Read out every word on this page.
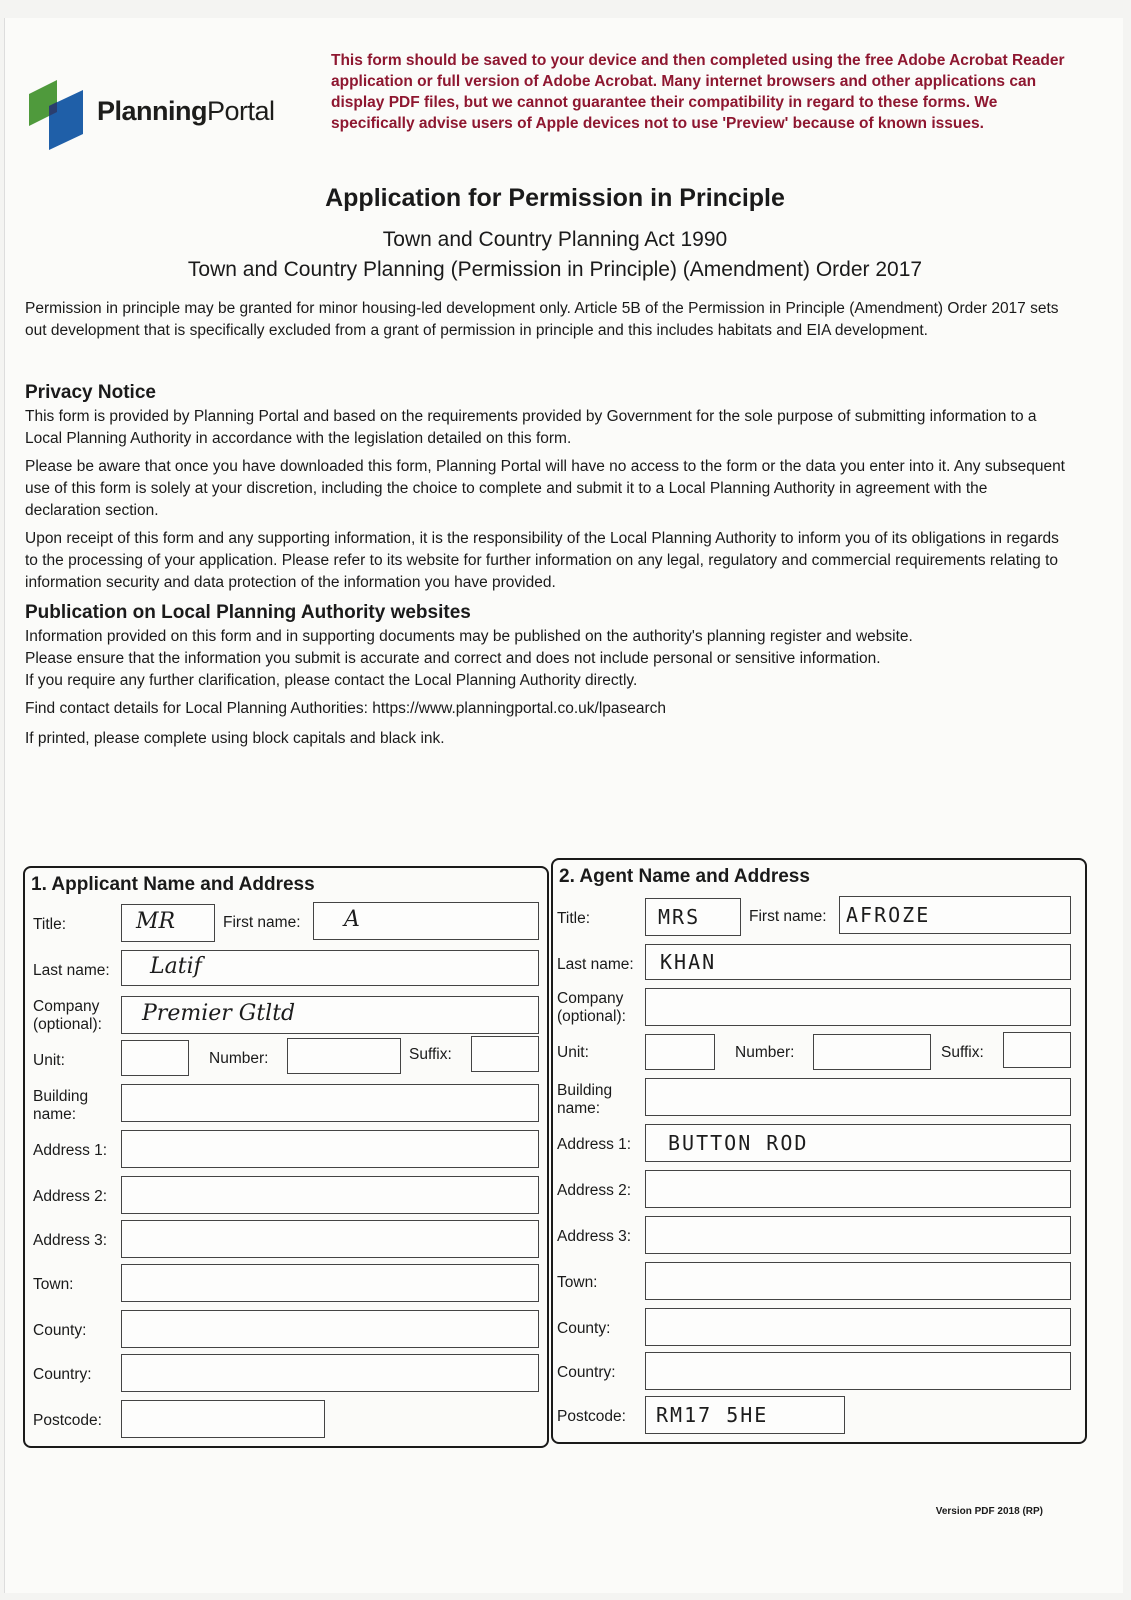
PlanningPortal
This form should be saved to your device and then completed using the free Adobe Acrobat Reader application or full version of Adobe Acrobat. Many internet browsers and other applications can display PDF files, but we cannot guarantee their compatibility in regard to these forms. We specifically advise users of Apple devices not to use 'Preview' because of known issues.
Application for Permission in Principle
Town and Country Planning Act 1990
Town and Country Planning (Permission in Principle) (Amendment) Order 2017
Permission in principle may be granted for minor housing-led development only. Article 5B of the Permission in Principle (Amendment) Order 2017 sets out development that is specifically excluded from a grant of permission in principle and this includes habitats and EIA development.
Privacy Notice
This form is provided by Planning Portal and based on the requirements provided by Government for the sole purpose of submitting information to a Local Planning Authority in accordance with the legislation detailed on this form.
Please be aware that once you have downloaded this form, Planning Portal will have no access to the form or the data you enter into it. Any subsequent use of this form is solely at your discretion, including the choice to complete and submit it to a Local Planning Authority in agreement with the declaration section.
Upon receipt of this form and any supporting information, it is the responsibility of the Local Planning Authority to inform you of its obligations in regards to the processing of your application. Please refer to its website for further information on any legal, regulatory and commercial requirements relating to information security and data protection of the information you have provided.
Publication on Local Planning Authority websites
Information provided on this form and in supporting documents may be published on the authority's planning register and website.
Please ensure that the information you submit is accurate and correct and does not include personal or sensitive information.
If you require any further clarification, please contact the Local Planning Authority directly.
Find contact details for Local Planning Authorities: https://www.planningportal.co.uk/lpasearch
If printed, please complete using block capitals and black ink.
1. Applicant Name and Address
Title:	MR	First name: A
Last name: Latif
Company
(optional): Premier Gtltd
Unit:	Number:	Suffix:
Building
name:
Address 1:
Address 2:
Address 3:
Town:
County:
Country:
Postcode:
2. Agent Name and Address
Title:	MRS	First name: AFROZE
Last name: KHAN
Company
(optional):
Unit:	Number:	Suffix:
Building
name:
Address 1: BUTTON ROD
Address 2:
Address 3:
Town:
County:
Country:
Postcode: RM17 5HE
Version PDF 2018 (RP)
